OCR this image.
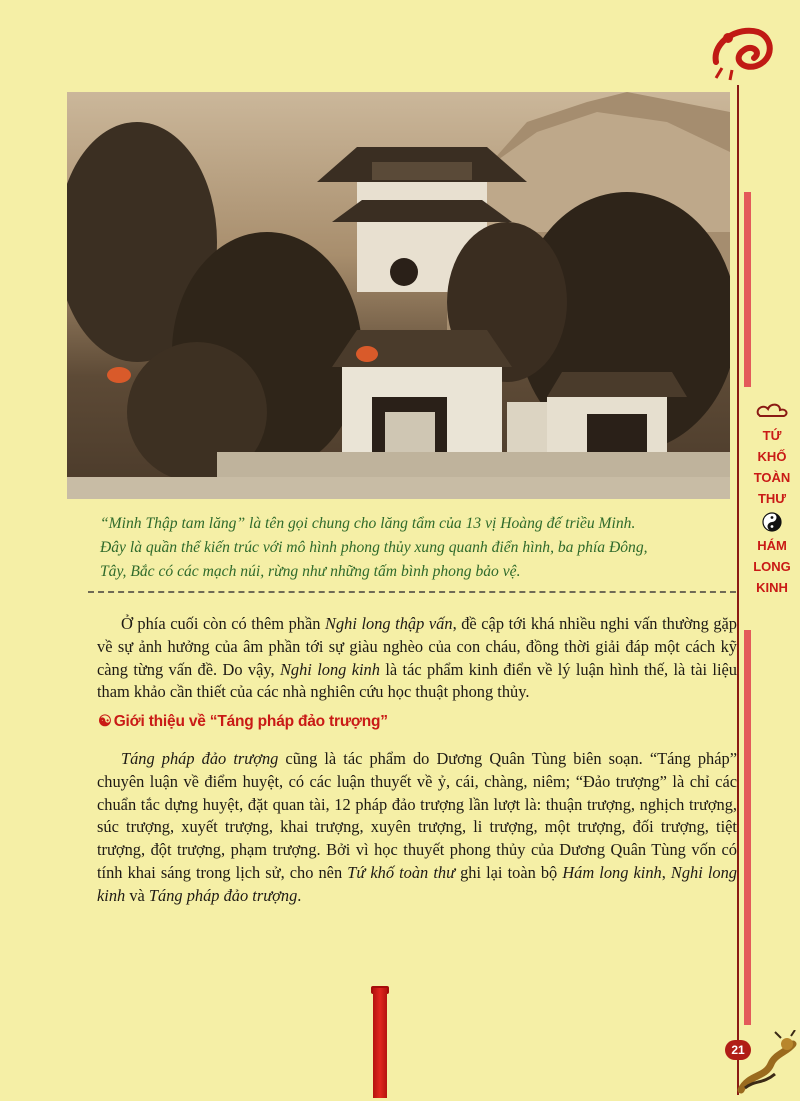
“Minh Thập tam lăng” là tên gọi chung cho lăng tẩm của 13 vị Hoàng đế triều Minh.

Đây là quần thể kiến trúc với mô hình phong thủy xung quanh điển hình, ba phía Đông,

Tây, Bắc có các mạch núi, rừng như những tấm bình phong bảo vệ.

Ở phía cuối còn có thêm phần Nghi long thập vấn, đề cập tới khá nhiều nghi vấn thường gặp về sự ảnh hưởng của âm phần tới sự giàu nghèo của con cháu, đồng thời giải đáp một cách kỹ càng từng vấn đề. Do vậy, Nghi long kinh là tác phẩm kinh điển về lý luận hình thế, là tài liệu tham khảo cần thiết của các nhà nghiên cứu học thuật phong thủy.

☯ Giới thiệu về “Táng pháp đảo trượng”

Táng pháp đảo trượng cũng là tác phẩm do Dương Quân Tùng biên soạn. “Táng pháp” chuyên luận về điểm huyệt, có các luận thuyết về ỷ, cái, chàng, niêm; “Đảo trượng” là chỉ các chuẩn tắc dựng huyệt, đặt quan tài, 12 pháp đảo trượng lần lượt là: thuận trượng, nghịch trượng, súc trượng, xuyết trượng, khai trượng, xuyên trượng, li trượng, một trượng, đối trượng, tiệt trượng, đột trượng, phạm trượng. Bởi vì học thuyết phong thủy của Dương Quân Tùng vốn có tính khai sáng trong lịch sử, cho nên Tứ khố toàn thư ghi lại toàn bộ Hám long kinh, Nghi long kinh và Táng pháp đảo trượng.

TỨ
KHỐ
TOÀN
THƯ
HÁM
LONG
KINH
21
